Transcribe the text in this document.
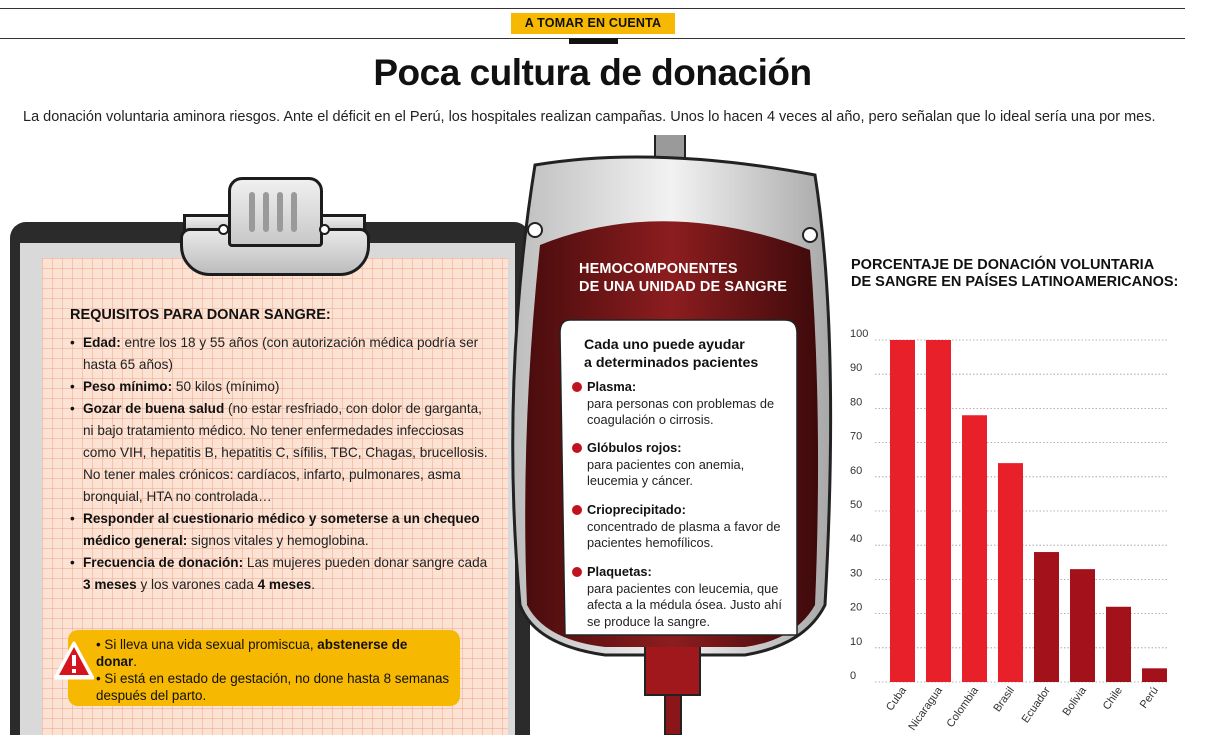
A TOMAR EN CUENTA
Poca cultura de donación

La donación voluntaria aminora riesgos. Ante el déficit en el Perú, los hospitales realizan campañas. Unos lo hacen 4 veces al año, pero señalan que lo ideal sería una por mes.

REQUISITOS PARA DONAR SANGRE:
• Edad: entre los 18 y 55 años (con autorización médica podría ser hasta 65 años)
• Peso mínimo: 50 kilos (mínimo)
• Gozar de buena salud (no estar resfriado, con dolor de garganta, ni bajo tratamiento médico. No tener enfermedades infecciosas como VIH, hepatitis B, hepatitis C, sífilis, TBC, Chagas, brucellosis. No tener males crónicos: cardíacos, infarto, pulmonares, asma bronquial, HTA no controlada…
• Responder al cuestionario médico y someterse a un chequeo médico general: signos vitales y hemoglobina.
• Frecuencia de donación: Las mujeres pueden donar sangre cada 3 meses y los varones cada 4 meses.
• Si lleva una vida sexual promiscua, abstenerse de donar.
• Si está en estado de gestación, no done hasta 8 semanas después del parto.
HEMOCOMPONENTES
DE UNA UNIDAD DE SANGRE
Cada uno puede ayudar
a determinados pacientes
Plasma:
para personas con problemas de coagulación o cirrosis.
Glóbulos rojos:
para pacientes con anemia, leucemia y cáncer.
Crioprecipitado:
concentrado de plasma a favor de pacientes hemofílicos.
Plaquetas:
para pacientes con leucemia, que afecta a la médula ósea. Justo ahí se produce la sangre.
PORCENTAJE DE DONACIÓN VOLUNTARIA
DE SANGRE EN PAÍSES LATINOAMERICANOS:
0
10
20
30
40
50
60
70
80
90
100
Cuba
Nicaragua Colombia Brasil Ecuador Bolivia Chile Perú
